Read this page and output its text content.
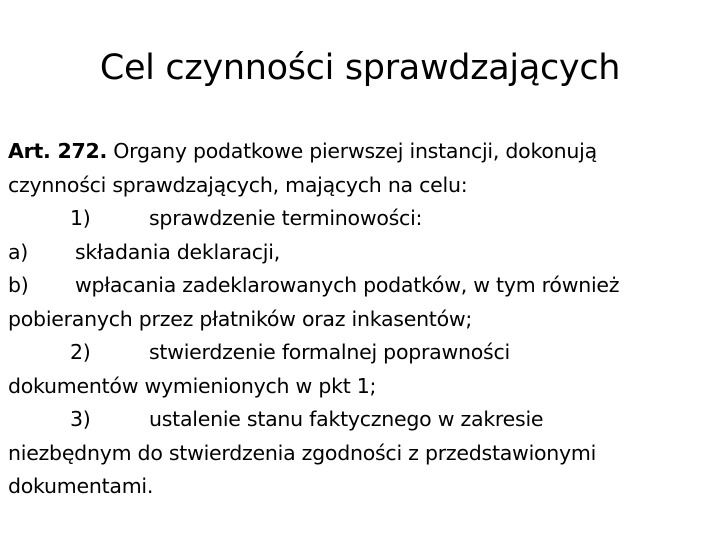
Cel czynności sprawdzających
Art. 272. Organy podatkowe pierwszej instancji, dokonują
czynności sprawdzających, mających na celu:
1)	sprawdzenie terminowości:
a) składania deklaracji,
b) wpłacania zadeklarowanych podatków, w tym również
pobieranych przez płatników oraz inkasentów;
2)	stwierdzenie formalnej poprawności
dokumentów wymienionych w pkt 1;
3)	ustalenie stanu faktycznego w zakresie
niezbędnym do stwierdzenia zgodności z przedstawionymi
dokumentami.
